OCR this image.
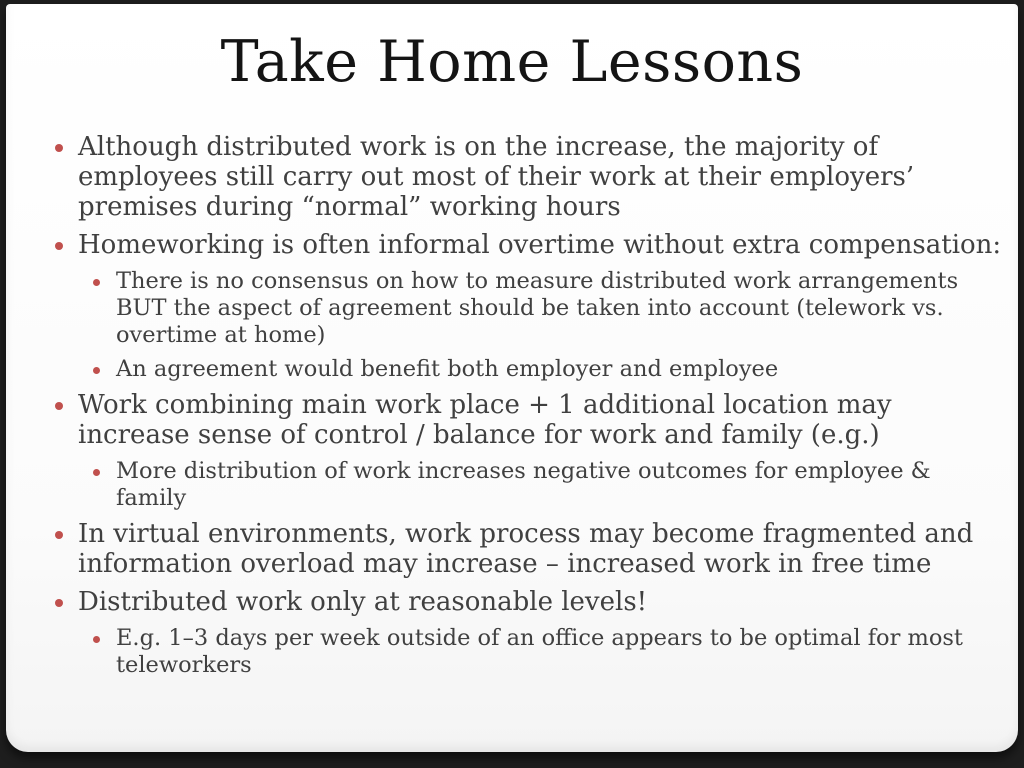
Take Home Lessons
Although distributed work is on the increase, the majority of employees still carry out most of their work at their employers’ premises during “normal” working hours
Homeworking is often informal overtime without extra compensation:
There is no consensus on how to measure distributed work arrangements BUT the aspect of agreement should be taken into account (telework vs. overtime at home)
An agreement would benefit both employer and employee
Work combining main work place + 1 additional location may increase sense of control / balance for work and family (e.g.)
More distribution of work increases negative outcomes for employee & family
In virtual environments, work process may become fragmented and information overload may increase – increased work in free time
Distributed work only at reasonable levels!
E.g. 1–3 days per week outside of an office appears to be optimal for most teleworkers
